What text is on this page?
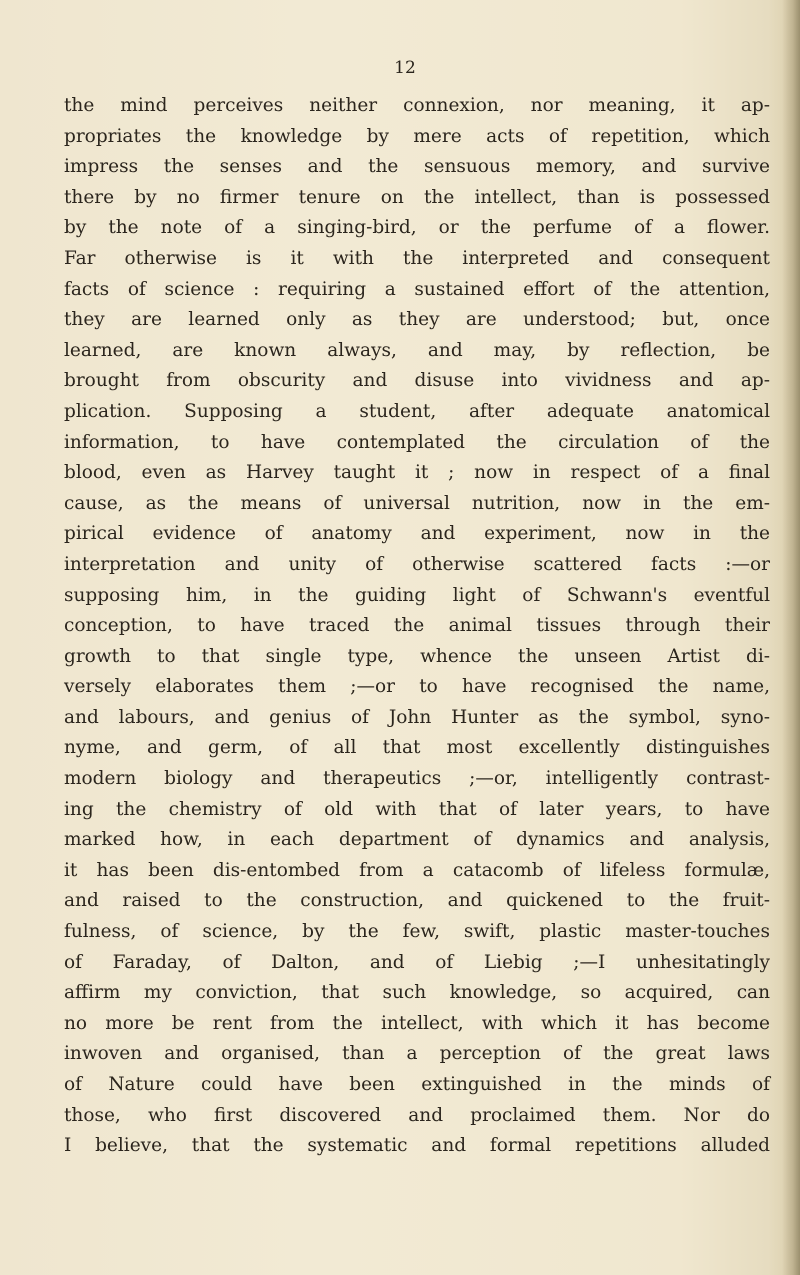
12
the mind perceives neither connexion, nor meaning, it ap-
propriates the knowledge by mere acts of repetition, which
impress the senses and the sensuous memory, and survive
there by no firmer tenure on the intellect, than is possessed
by the note of a singing-bird, or the perfume of a flower.
Far otherwise is it with the interpreted and consequent
facts of science : requiring a sustained effort of the attention,
they are learned only as they are understood; but, once
learned, are known always, and may, by reflection, be
brought from obscurity and disuse into vividness and ap-
plication. Supposing a student, after adequate anatomical
information, to have contemplated the circulation of the
blood, even as Harvey taught it ; now in respect of a final
cause, as the means of universal nutrition, now in the em-
pirical evidence of anatomy and experiment, now in the
interpretation and unity of otherwise scattered facts :—or
supposing him, in the guiding light of Schwann's eventful
conception, to have traced the animal tissues through their
growth to that single type, whence the unseen Artist di-
versely elaborates them ;—or to have recognised the name,
and labours, and genius of John Hunter as the symbol, syno-
nyme, and germ, of all that most excellently distinguishes
modern biology and therapeutics ;—or, intelligently contrast-
ing the chemistry of old with that of later years, to have
marked how, in each department of dynamics and analysis,
it has been dis-entombed from a catacomb of lifeless formulæ,
and raised to the construction, and quickened to the fruit-
fulness, of science, by the few, swift, plastic master-touches
of Faraday, of Dalton, and of Liebig ;—I unhesitatingly
affirm my conviction, that such knowledge, so acquired, can
no more be rent from the intellect, with which it has become
inwoven and organised, than a perception of the great laws
of Nature could have been extinguished in the minds of
those, who first discovered and proclaimed them. Nor do
I believe, that the systematic and formal repetitions alluded
